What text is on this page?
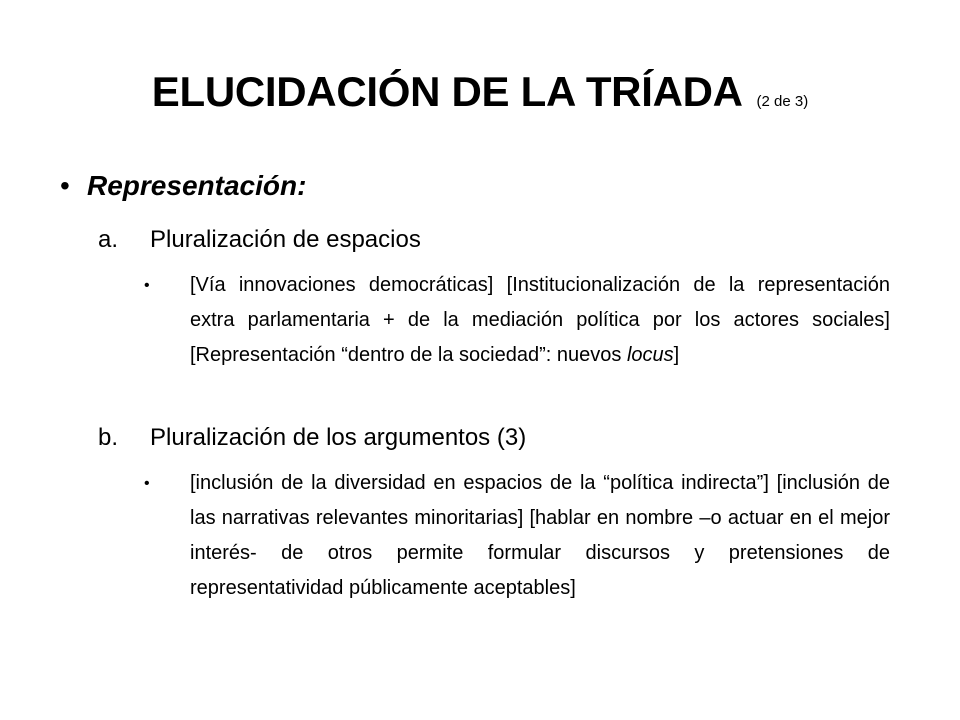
ELUCIDACIÓN DE LA TRÍADA (2 de 3)
• Representación:
a. Pluralización de espacios
• [Vía innovaciones democráticas] [Institucionalización de la representación extra parlamentaria + de la mediación política por los actores sociales] [Representación “dentro de la sociedad”: nuevos locus]

b. Pluralización de los argumentos (3)
• [inclusión de la diversidad en espacios de la “política indirecta”] [inclusión de las narrativas relevantes minoritarias] [hablar en nombre –o actuar en el mejor interés- de otros permite formular discursos y pretensiones de representatividad públicamente aceptables]
